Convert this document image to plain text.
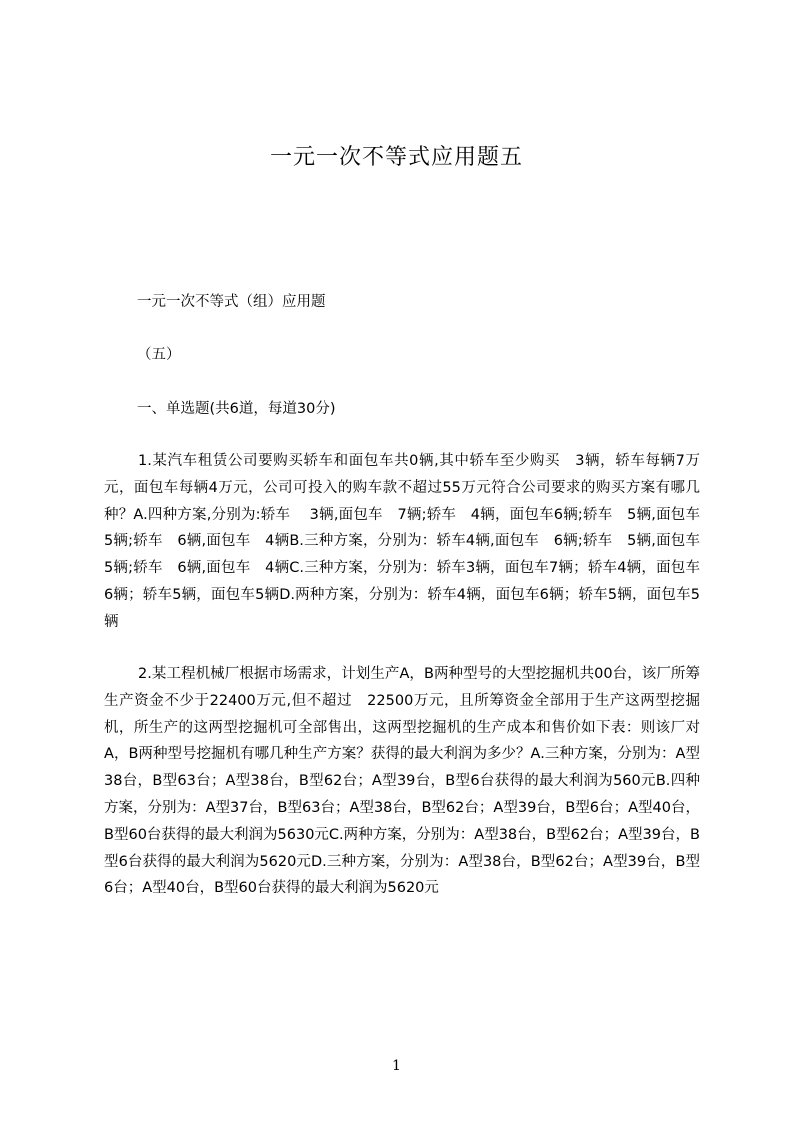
一元一次不等式应用题五

一元一次不等式（组）应用题

（五）

一、单选题(共6道，每道30分)

1.某汽车租赁公司要购买轿车和面包车共0辆,其中轿车至少购买　3辆，轿车每辆7万元，面包车每辆4万元，公司可投入的购车款不超过55万元符合公司要求的购买方案有哪几种？A.四种方案,分别为:轿车　 3辆,面包车　7辆;轿车　4辆，面包车6辆;轿车　5辆,面包车　5辆;轿车　6辆,面包车　4辆B.三种方案，分别为：轿车4辆,面包车　6辆;轿车　5辆,面包车　5辆;轿车　6辆,面包车　4辆C.三种方案，分别为：轿车3辆，面包车7辆；轿车4辆，面包车6辆；轿车5辆，面包车5辆D.两种方案，分别为：轿车4辆，面包车6辆；轿车5辆，面包车5辆

2.某工程机械厂根据市场需求，计划生产A，B两种型号的大型挖掘机共00台，该厂所筹生产资金不少于22400万元,但不超过　22500万元，且所筹资金全部用于生产这两型挖掘机，所生产的这两型挖掘机可全部售出，这两型挖掘机的生产成本和售价如下表：则该厂对A，B两种型号挖掘机有哪几种生产方案？获得的最大利润为多少？A.三种方案，分别为：A型38台，B型63台；A型38台，B型62台；A型39台，B型6台获得的最大利润为560元B.四种方案，分别为：A型37台，B型63台；A型38台，B型62台；A型39台，B型6台；A型40台，B型60台获得的最大利润为5630元C.两种方案，分别为：A型38台，B型62台；A型39台，B型6台获得的最大利润为5620元D.三种方案，分别为：A型38台，B型62台；A型39台，B型6台；A型40台，B型60台获得的最大利润为5620元

1
